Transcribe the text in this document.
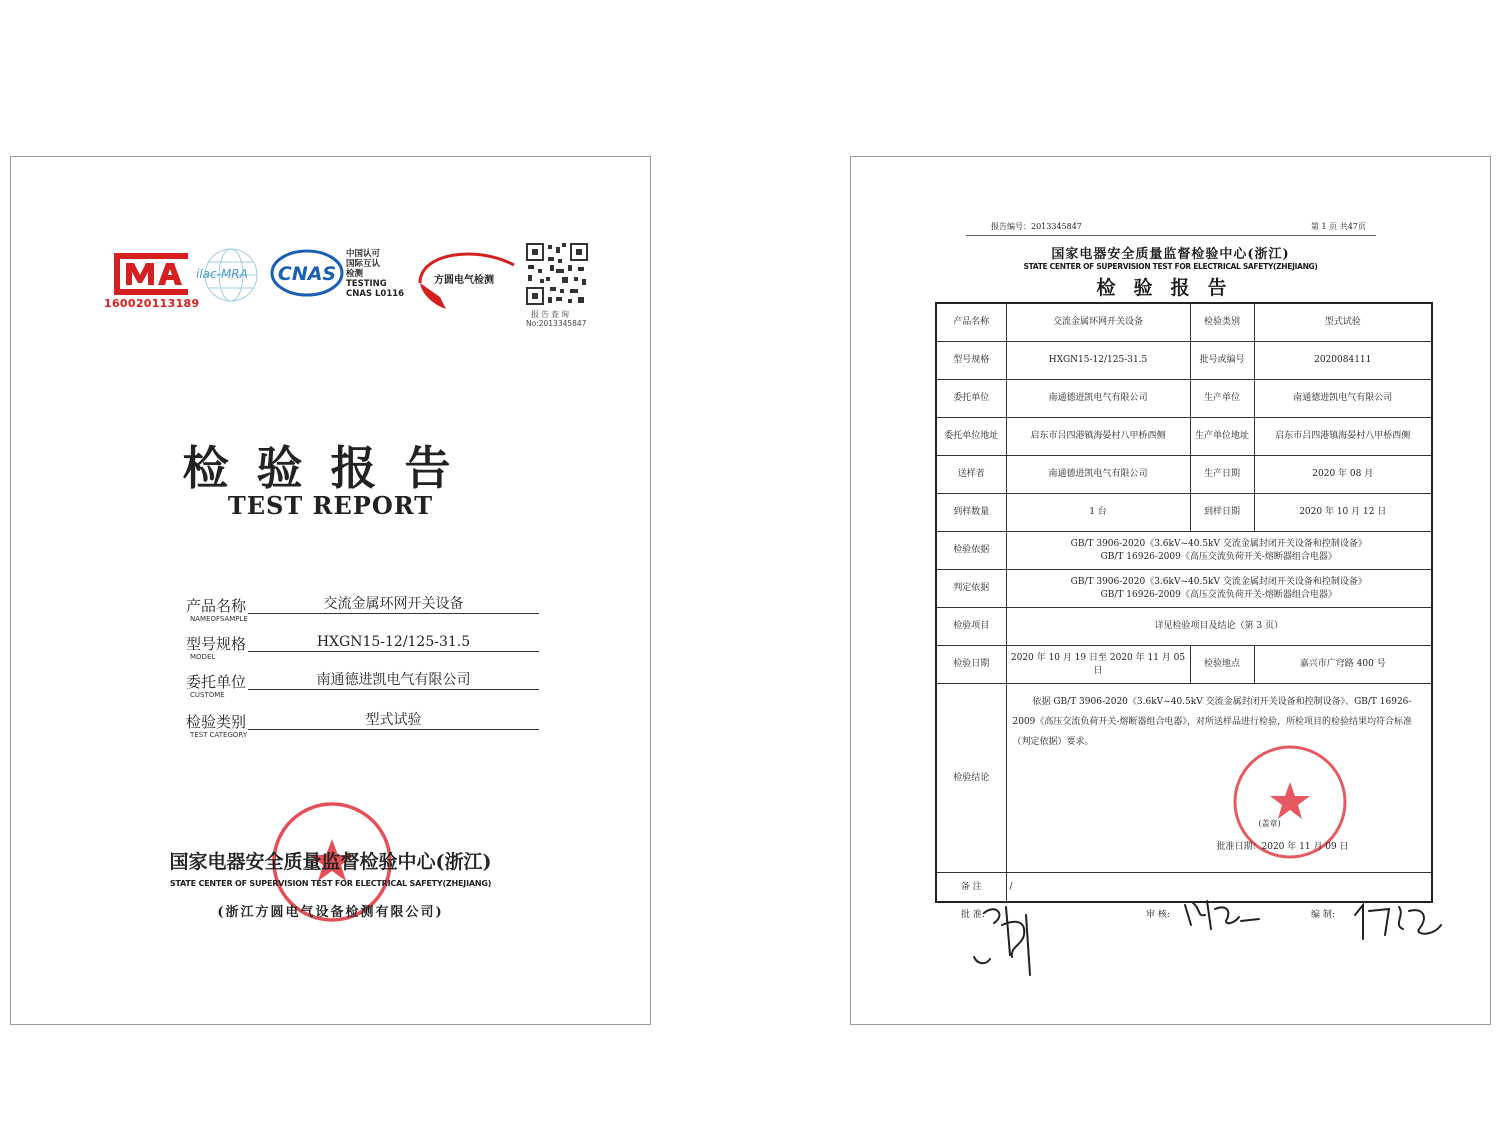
CMA
160020113189
ilac-MRA CNAS
中国认可
国际互认
检测
TESTING
CNAS L0116
方圆电气检测
报告查询
No:2013345847
检验报告
TEST REPORT
产品名称
NAMEOFSAMPLE
交流金属环网开关设备
型号规格
MODEL
HXGN15-12/125-31.5
委托单位
CUSTOME
南通德进凯电气有限公司
检验类别
TEST CATEGORY
型式试验
国家电器安全质量监督检验中心(浙江)
STATE CENTER OF SUPERVISION TEST FOR ELECTRICAL SAFETY(ZHEJIANG)
(浙江方圆电气设备检测有限公司)
报告编号：2013345847	第 1 页 共47页
国家电器安全质量监督检验中心(浙江)
STATE CENTER OF SUPERVISION TEST FOR ELECTRICAL SAFETY(ZHEJIANG)
检验报告
产品名称	交流金属环网开关设备	检验类别	型式试验
型号规格	HXGN15-12/125-31.5	批号或编号	2020084111
委托单位	南通德进凯电气有限公司	生产单位	南通德进凯电气有限公司
委托单位地址	启东市吕四港镇海晏村八甲桥西侧	生产单位地址	启东市吕四港镇海晏村八甲桥西侧
送样者	南通德进凯电气有限公司	生产日期	2020 年 08 月
到样数量	1 台	到样日期	2020 年 10 月 12 日
检验依据	GB/T 3906-2020《3.6kV~40.5kV 交流金属封闭开关设备和控制设备》
GB/T 16926-2009《高压交流负荷开关-熔断器组合电器》		

判定依据	GB/T 3906-2020《3.6kV~40.5kV 交流金属封闭开关设备和控制设备》
GB/T 16926-2009《高压交流负荷开关-熔断器组合电器》		

检验项目	详见检验项目及结论（第 3 页）		
检验日期	2020 年 10 月 19 日至 2020 年 11 月 05 日	检验地点	嘉兴市广穹路 400 号
检验结论	依据 GB/T 3906-2020《3.6kV~40.5kV 交流金属封闭开关设备和控制设备》、GB/T 16926-2009《高压交流负荷开关-熔断器组合电器》，对所送样品进行检验，所检项目的检验结果均符合标准（判定依据）要求。
(盖章)
批准日期：2020 年 11 月 09 日		

备 注	/		
批 准:	审 核:	编 制:
